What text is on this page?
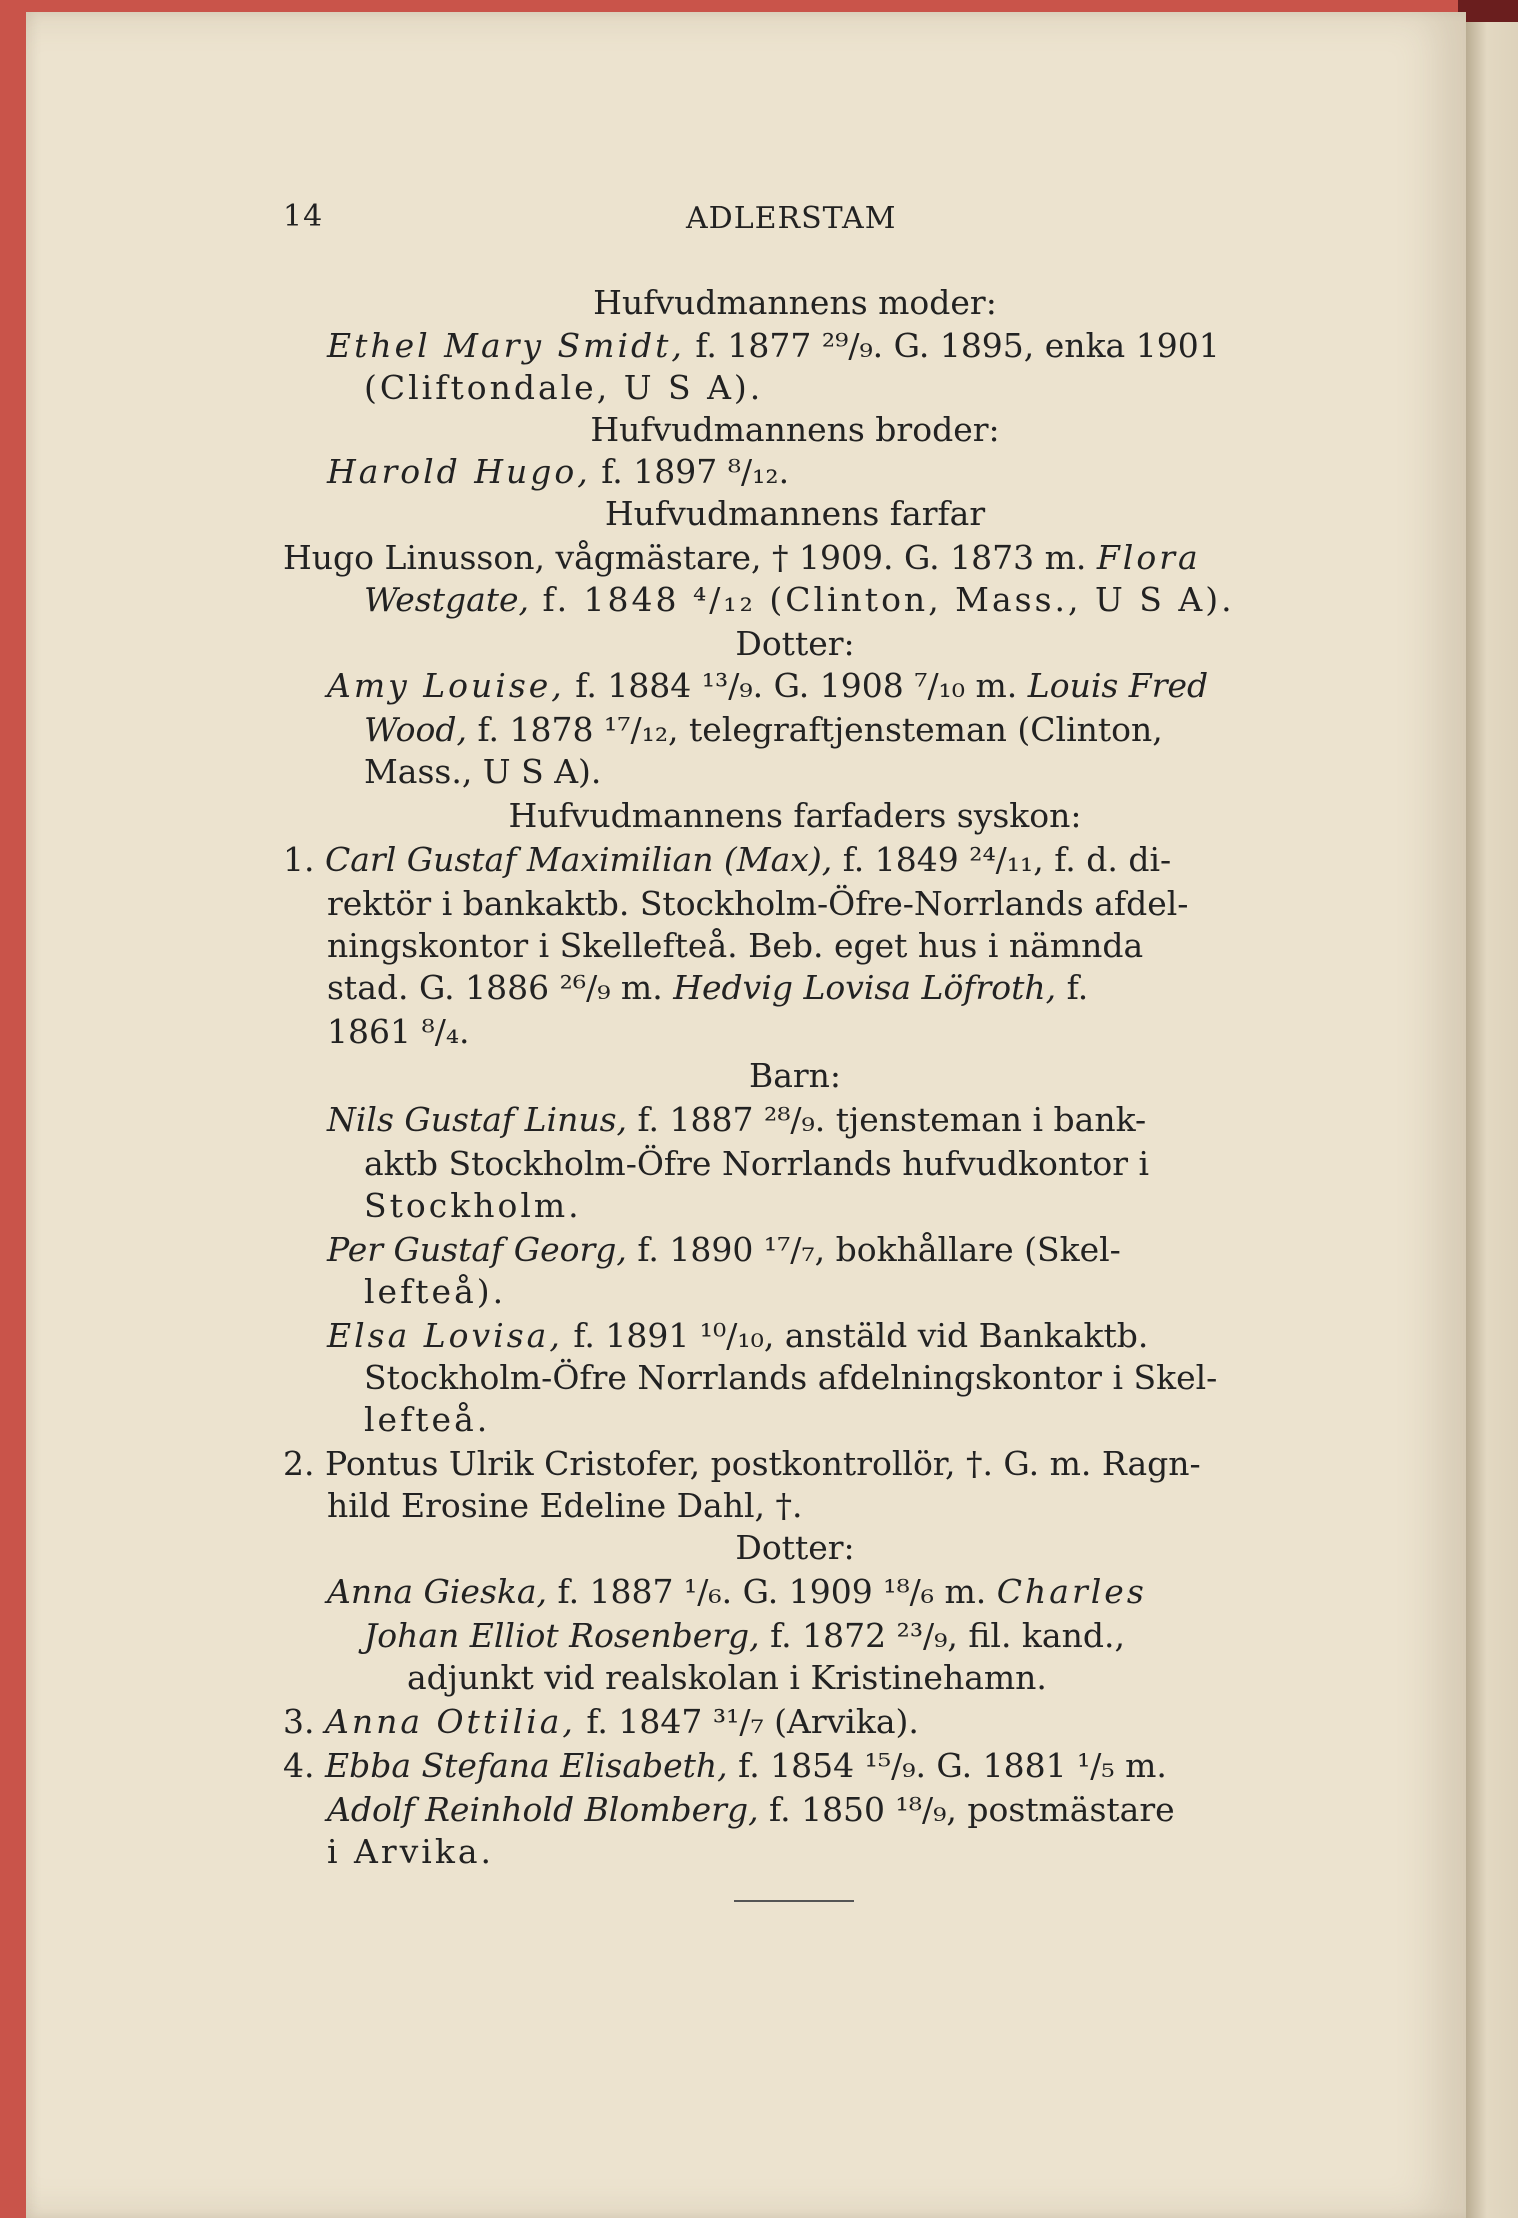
14	ADLERSTAM
Hufvudmannens moder:
Ethel Mary Smidt, f. 1877 ²⁹/₉. G. 1895, enka 1901
(Cliftondale, U S A).
Hufvudmannens broder:
Harold Hugo, f. 1897 ⁸/₁₂.
Hufvudmannens farfar
Hugo Linusson, vågmästare, † 1909. G. 1873 m. Flora
Westgate, f. 1848 ⁴/₁₂ (Clinton, Mass., U S A).
Dotter:
Amy Louise, f. 1884 ¹³/₉. G. 1908 ⁷/₁₀ m. Louis Fred
Wood, f. 1878 ¹⁷/₁₂, telegraftjensteman (Clinton,
Mass., U S A).
Hufvudmannens farfaders syskon:
1. Carl Gustaf Maximilian (Max), f. 1849 ²⁴/₁₁, f. d. di-
rektör i bankaktb. Stockholm-Öfre-Norrlands afdel-
ningskontor i Skellefteå. Beb. eget hus i nämnda
stad. G. 1886 ²⁶/₉ m. Hedvig Lovisa Löfroth, f.
1861 ⁸/₄.
Barn:
Nils Gustaf Linus, f. 1887 ²⁸/₉. tjensteman i bank-
aktb Stockholm-Öfre Norrlands hufvudkontor i
Stockholm.
Per Gustaf Georg, f. 1890 ¹⁷/₇, bokhållare (Skel-
lefteå).
Elsa Lovisa, f. 1891 ¹⁰/₁₀, anstäld vid Bankaktb.
Stockholm-Öfre Norrlands afdelningskontor i Skel-
lefteå.
2. Pontus Ulrik Cristofer, postkontrollör, †. G. m. Ragn-
hild Erosine Edeline Dahl, †.
Dotter:
Anna Gieska, f. 1887 ¹/₆. G. 1909 ¹⁸/₆ m. Charles
Johan Elliot Rosenberg, f. 1872 ²³/₉, fil. kand.,
adjunkt vid realskolan i Kristinehamn.
3. Anna Ottilia, f. 1847 ³¹/₇ (Arvika).
4. Ebba Stefana Elisabeth, f. 1854 ¹⁵/₉. G. 1881 ¹/₅ m.
Adolf Reinhold Blomberg, f. 1850 ¹⁸/₉, postmästare
i Arvika.
